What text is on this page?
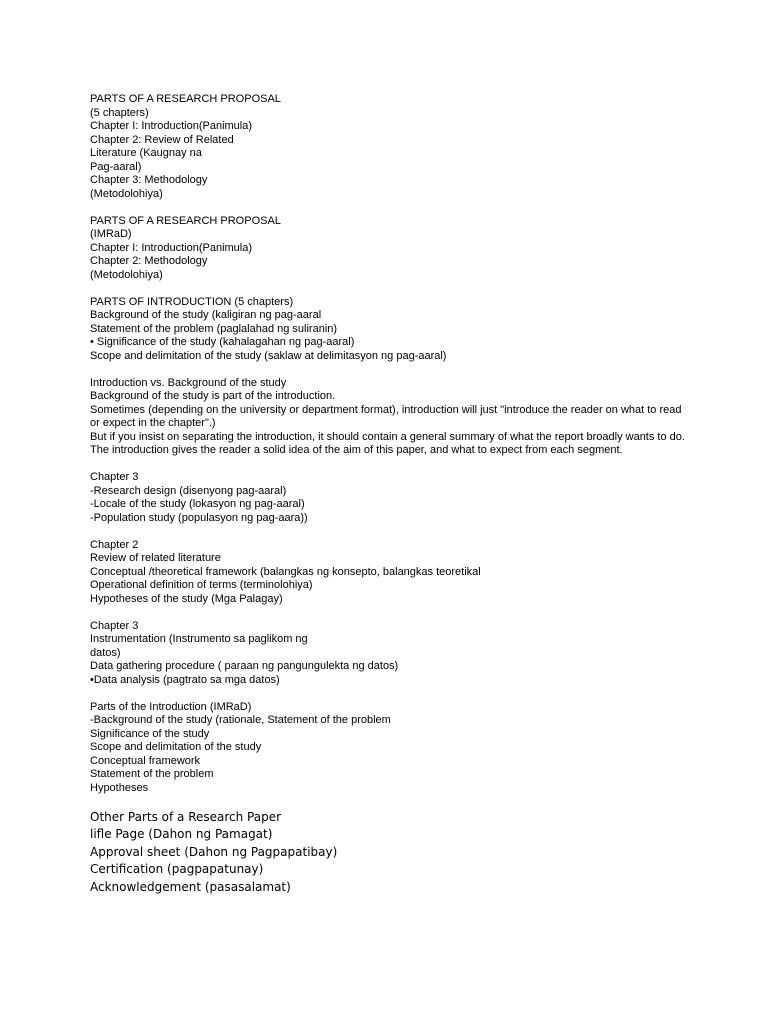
PARTS OF A RESEARCH PROPOSAL
(5 chapters)
Chapter I: Introduction(Panimula)
Chapter 2: Review of Related
Literature (Kaugnay na
Pag-aaral)
Chapter 3: Methodology
(Metodolohiya)
PARTS OF A RESEARCH PROPOSAL
(IMRaD)
Chapter I: Introduction(Panimula)
Chapter 2: Methodology
(Metodolohiya)
PARTS OF INTRODUCTION (5 chapters)
Background of the study (kaligiran ng pag-aaral
Statement of the problem (paglalahad ng suliranin)
• Significance of the study (kahalagahan ng pag-aaral)
Scope and delimitation of the study (saklaw at delimitasyon ng pag-aaral)
Introduction vs. Background of the study
Background of the study is part of the introduction.
Sometimes (depending on the university or department format), introduction will just "introduce the reader on what to read or expect in the chapter".)
But if you insist on separating the introduction, it should contain a general summary of what the report broadly wants to do. The introduction gives the reader a solid idea of the aim of this paper, and what to expect from each segment.
Chapter 3
-Research design (disenyong pag-aaral)
-Locale of the study (lokasyon ng pag-aaral)
-Population study (populasyon ng pag-aara))
Chapter 2
Review of related literature
Conceptual /theoretical framework (balangkas ng konsepto, balangkas teoretikal
Operational definition of terms (terminolohiya)
Hypotheses of the study (Mga Palagay)
Chapter 3
Instrumentation (Instrumento sa paglikom ng
datos)
Data gathering procedure ( paraan ng pangungulekta ng datos)
•Data analysis (pagtrato sa mga datos)
Parts of the Introduction (IMRaD)
-Background of the study (rationale, Statement of the problem
Significance of the study
Scope and delimitation of the study
Conceptual framework
Statement of the problem
Hypotheses
Other Parts of a Research Paper
lifle Page (Dahon ng Pamagat)
Approval sheet (Dahon ng Pagpapatibay)
Certification (pagpapatunay)
Acknowledgement (pasasalamat)
